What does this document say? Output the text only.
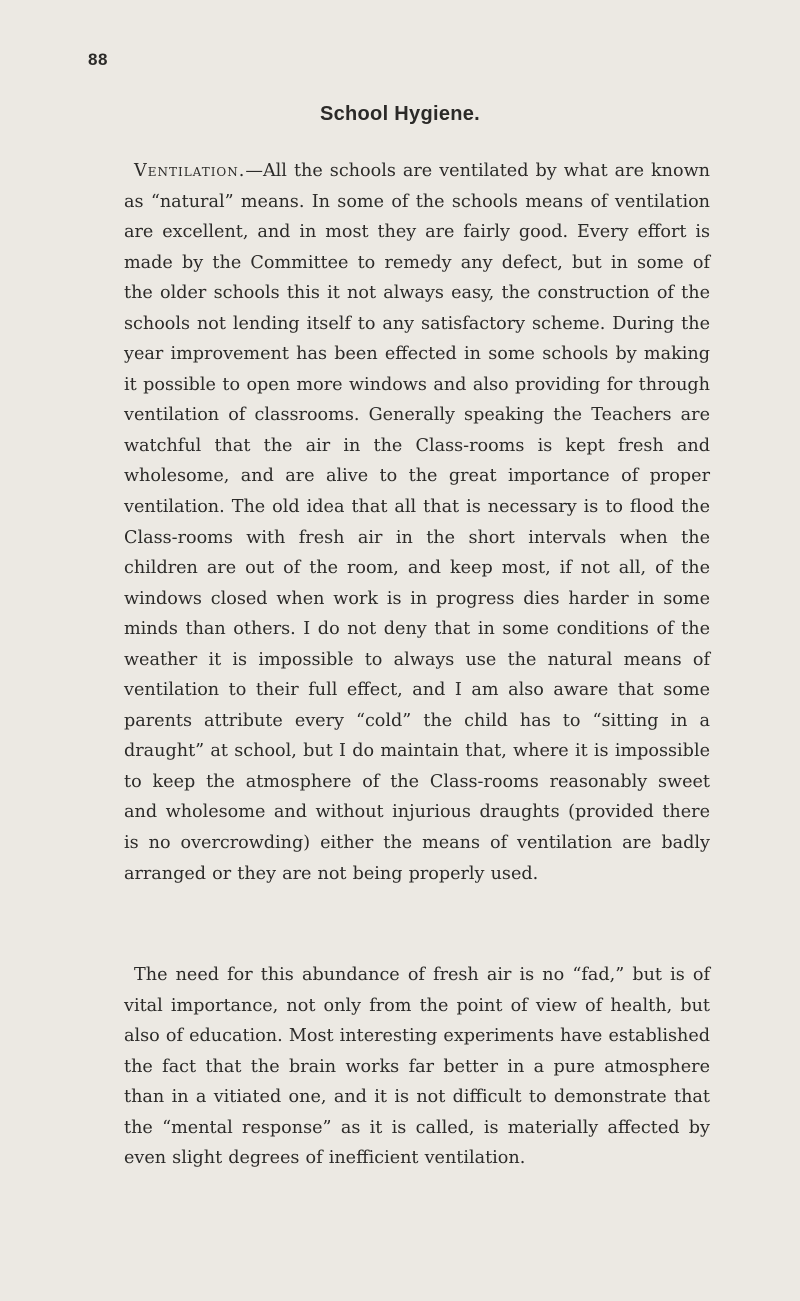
88
School Hygiene.

Ventilation.—All the schools are ventilated by what are known as “natural” means. In some of the schools means of ventilation are excellent, and in most they are fairly good. Every effort is made by the Committee to remedy any defect, but in some of the older schools this it not always easy, the construction of the schools not lending itself to any satisfactory scheme. During the year improvement has been effected in some schools by making it possible to open more windows and also providing for through ventilation of classrooms. Generally speaking the Teachers are watchful that the air in the Class-rooms is kept fresh and wholesome, and are alive to the great importance of proper ventilation. The old idea that all that is necessary is to flood the Class-rooms with fresh air in the short intervals when the children are out of the room, and keep most, if not all, of the windows closed when work is in progress dies harder in some minds than others. I do not deny that in some conditions of the weather it is impossible to always use the natural means of ventilation to their full effect, and I am also aware that some parents attribute every “cold” the child has to “sitting in a draught” at school, but I do maintain that, where it is impossible to keep the atmosphere of the Class-rooms reasonably sweet and wholesome and without injurious draughts (provided there is no overcrowding) either the means of ventilation are badly arranged or they are not being properly used.

The need for this abundance of fresh air is no “fad,” but is of vital importance, not only from the point of view of health, but also of education. Most interesting experiments have established the fact that the brain works far better in a pure atmosphere than in a vitiated one, and it is not difficult to demonstrate that the “mental response” as it is called, is materially affected by even slight degrees of inefficient ventilation.
